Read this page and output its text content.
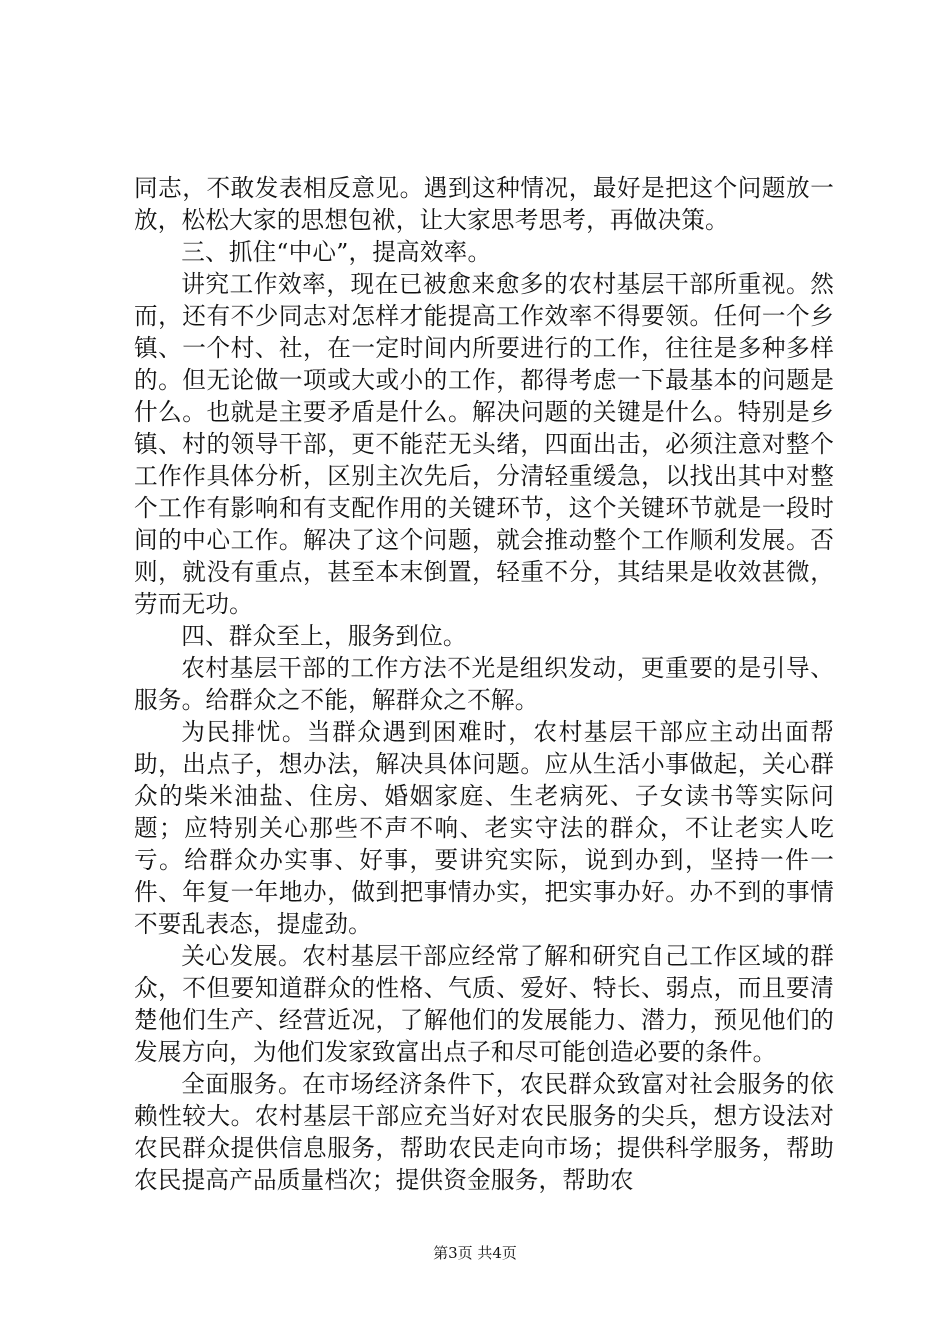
同志，不敢发表相反意见。遇到这种情况，最好是把这个问题放一放，松松大家的思想包袱，让大家思考思考，再做决策。

三、抓住“中心”，提高效率。

讲究工作效率，现在已被愈来愈多的农村基层干部所重视。然而，还有不少同志对怎样才能提高工作效率不得要领。任何一个乡镇、一个村、社，在一定时间内所要进行的工作，往往是多种多样的。但无论做一项或大或小的工作，都得考虑一下最基本的问题是什么。也就是主要矛盾是什么。解决问题的关键是什么。特别是乡镇、村的领导干部，更不能茫无头绪，四面出击，必须注意对整个工作作具体分析，区别主次先后，分清轻重缓急，以找出其中对整个工作有影响和有支配作用的关键环节，这个关键环节就是一段时间的中心工作。解决了这个问题，就会推动整个工作顺利发展。否则，就没有重点，甚至本末倒置，轻重不分，其结果是收效甚微，劳而无功。

四、群众至上，服务到位。

农村基层干部的工作方法不光是组织发动，更重要的是引导、服务。给群众之不能，解群众之不解。

为民排忧。当群众遇到困难时，农村基层干部应主动出面帮助，出点子，想办法，解决具体问题。应从生活小事做起，关心群众的柴米油盐、住房、婚姻家庭、生老病死、子女读书等实际问题；应特别关心那些不声不响、老实守法的群众，不让老实人吃亏。给群众办实事、好事，要讲究实际，说到办到，坚持一件一件、年复一年地办，做到把事情办实，把实事办好。办不到的事情不要乱表态，提虚劲。

关心发展。农村基层干部应经常了解和研究自己工作区域的群众，不但要知道群众的性格、气质、爱好、特长、弱点，而且要清楚他们生产、经营近况，了解他们的发展能力、潜力，预见他们的发展方向，为他们发家致富出点子和尽可能创造必要的条件。

全面服务。在市场经济条件下，农民群众致富对社会服务的依赖性较大。农村基层干部应充当好对农民服务的尖兵，想方设法对农民群众提供信息服务，帮助农民走向市场；提供科学服务，帮助农民提高产品质量档次；提供资金服务，帮助农

第3页 共4页
